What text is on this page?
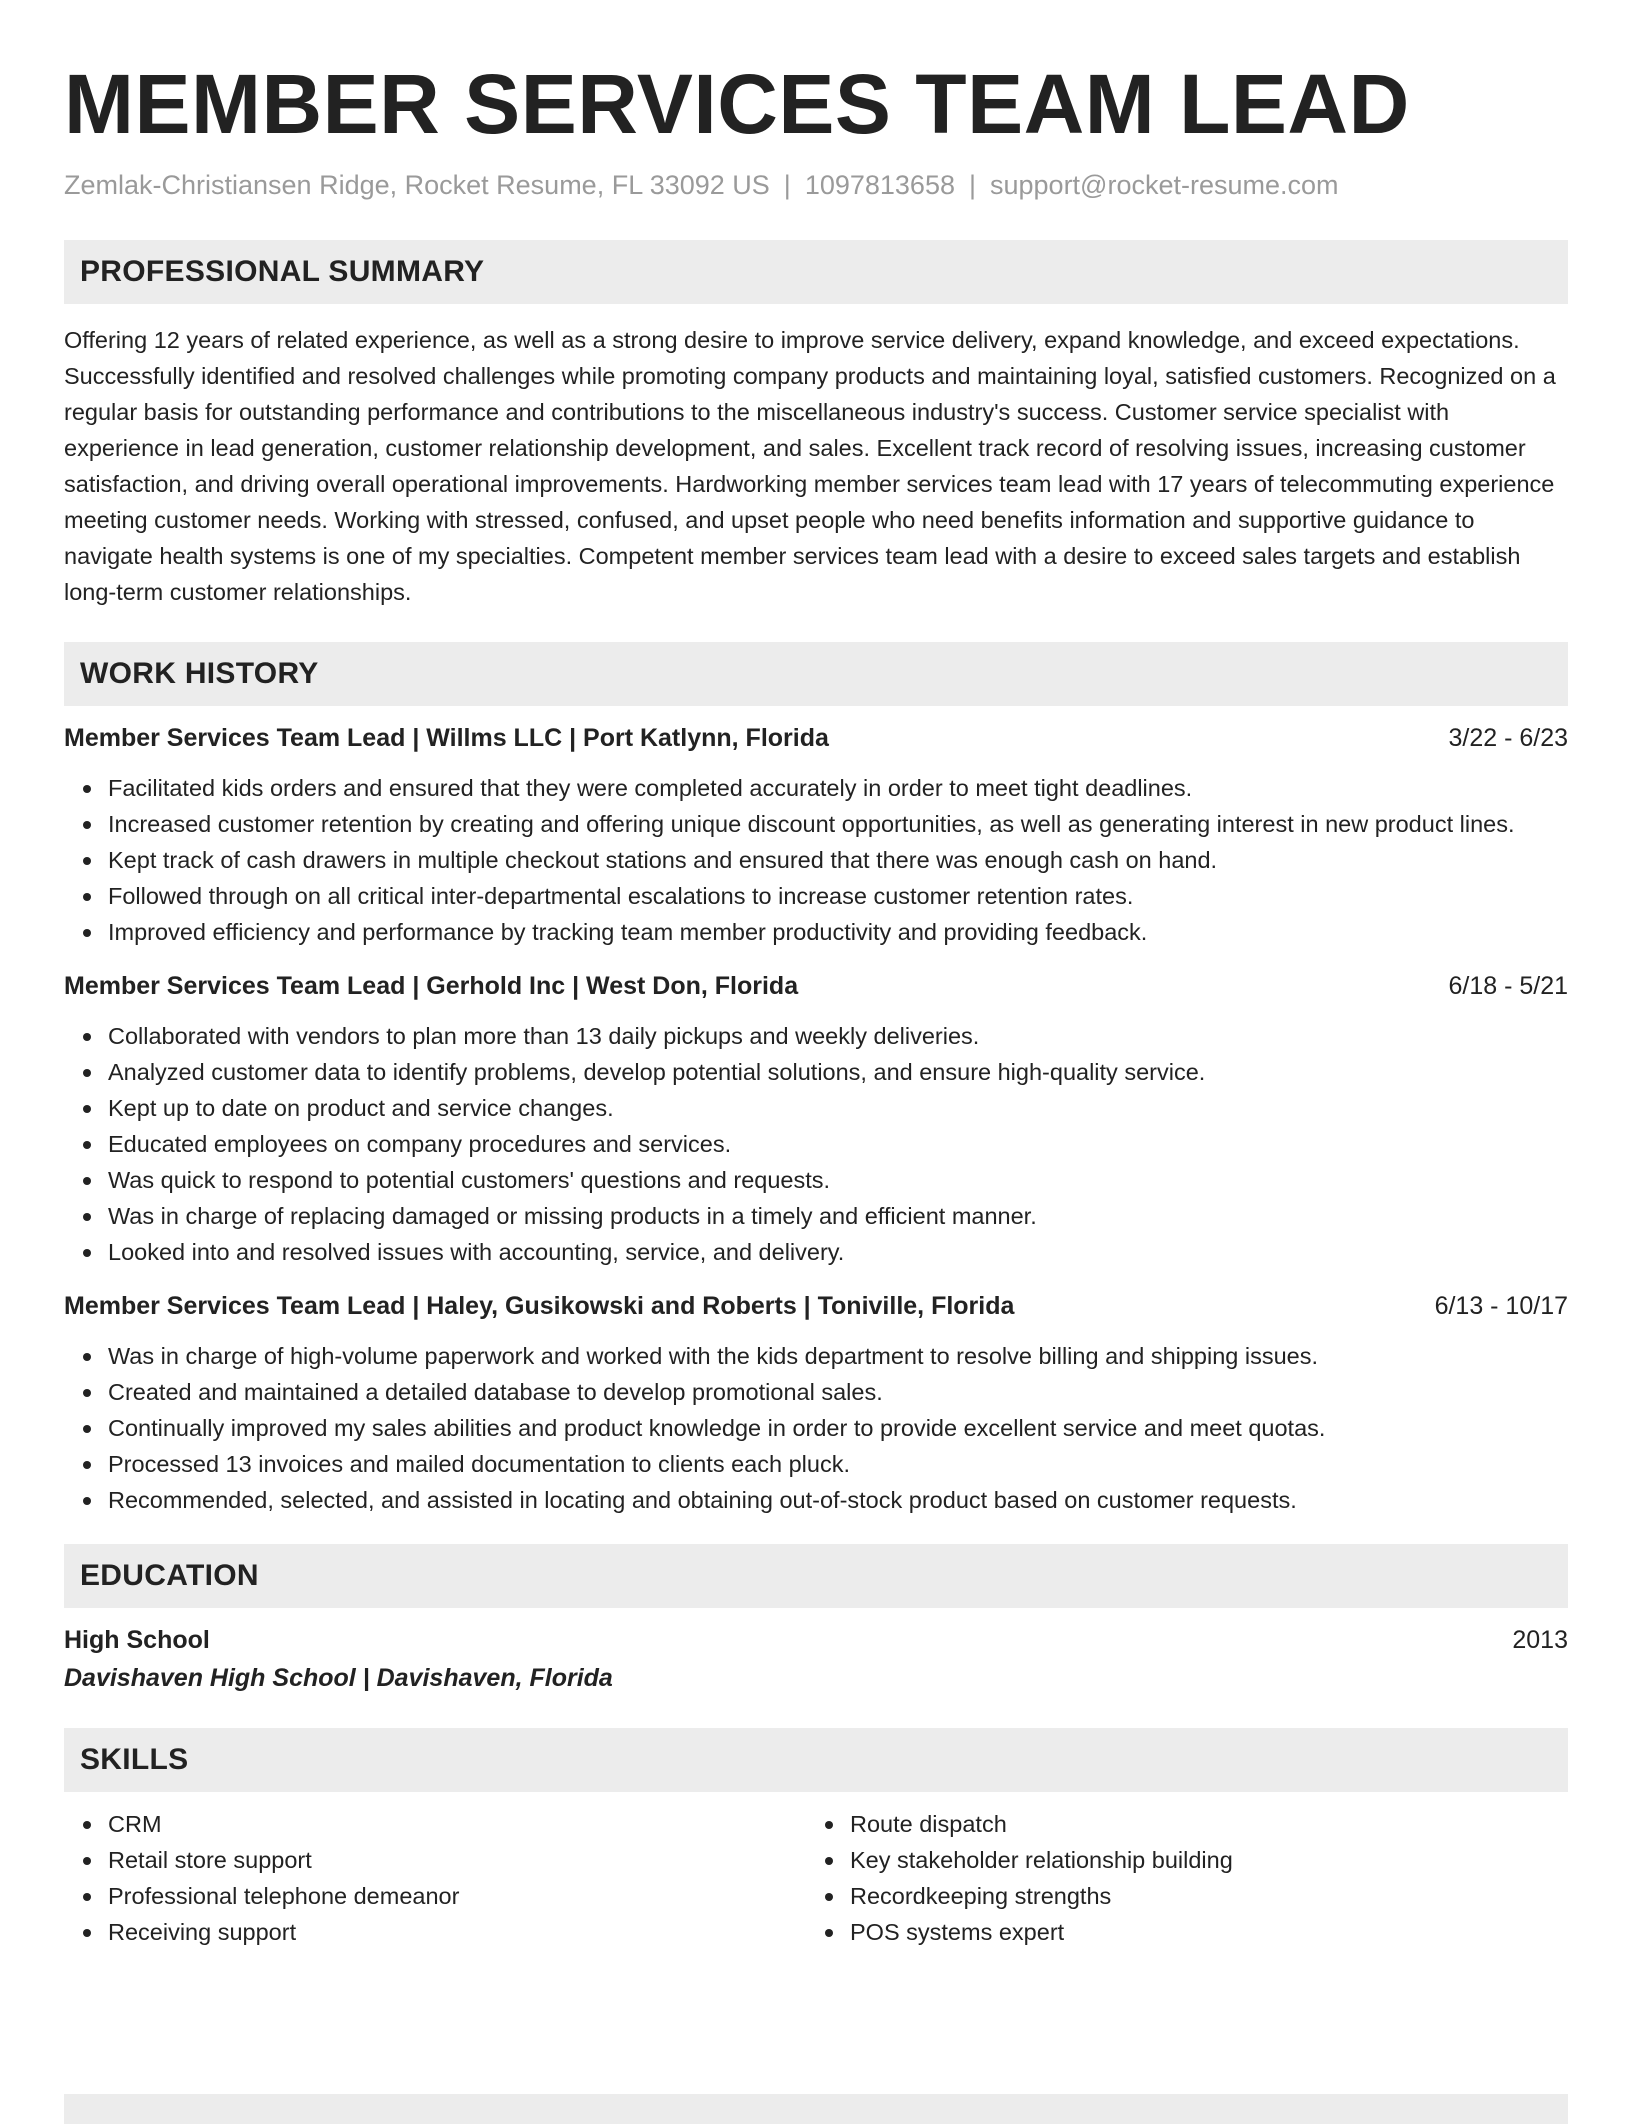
MEMBER SERVICES TEAM LEAD
Zemlak-Christiansen Ridge, Rocket Resume, FL 33092 US | 1097813658 | support@rocket-resume.com
PROFESSIONAL SUMMARY

Offering 12 years of related experience, as well as a strong desire to improve service delivery, expand knowledge, and exceed expectations. Successfully identified and resolved challenges while promoting company products and maintaining loyal, satisfied customers. Recognized on a regular basis for outstanding performance and contributions to the miscellaneous industry's success. Customer service specialist with experience in lead generation, customer relationship development, and sales. Excellent track record of resolving issues, increasing customer satisfaction, and driving overall operational improvements. Hardworking member services team lead with 17 years of telecommuting experience meeting customer needs. Working with stressed, confused, and upset people who need benefits information and supportive guidance to navigate health systems is one of my specialties. Competent member services team lead with a desire to exceed sales targets and establish long-term customer relationships.

WORK HISTORY
Member Services Team Lead | Willms LLC | Port Katlynn, Florida	3/22 - 6/23
Facilitated kids orders and ensured that they were completed accurately in order to meet tight deadlines.
Increased customer retention by creating and offering unique discount opportunities, as well as generating interest in new product lines.
Kept track of cash drawers in multiple checkout stations and ensured that there was enough cash on hand.
Followed through on all critical inter-departmental escalations to increase customer retention rates.
Improved efficiency and performance by tracking team member productivity and providing feedback.
Member Services Team Lead | Gerhold Inc | West Don, Florida	6/18 - 5/21
Collaborated with vendors to plan more than 13 daily pickups and weekly deliveries.
Analyzed customer data to identify problems, develop potential solutions, and ensure high-quality service.
Kept up to date on product and service changes.
Educated employees on company procedures and services.
Was quick to respond to potential customers' questions and requests.
Was in charge of replacing damaged or missing products in a timely and efficient manner.
Looked into and resolved issues with accounting, service, and delivery.
Member Services Team Lead | Haley, Gusikowski and Roberts | Toniville, Florida	6/13 - 10/17
Was in charge of high-volume paperwork and worked with the kids department to resolve billing and shipping issues.
Created and maintained a detailed database to develop promotional sales.
Continually improved my sales abilities and product knowledge in order to provide excellent service and meet quotas.
Processed 13 invoices and mailed documentation to clients each pluck.
Recommended, selected, and assisted in locating and obtaining out-of-stock product based on customer requests.
EDUCATION
High School	2013
Davishaven High School | Davishaven, Florida
SKILLS
CRM
Retail store support
Professional telephone demeanor
Receiving support
Route dispatch
Key stakeholder relationship building
Recordkeeping strengths
POS systems expert
